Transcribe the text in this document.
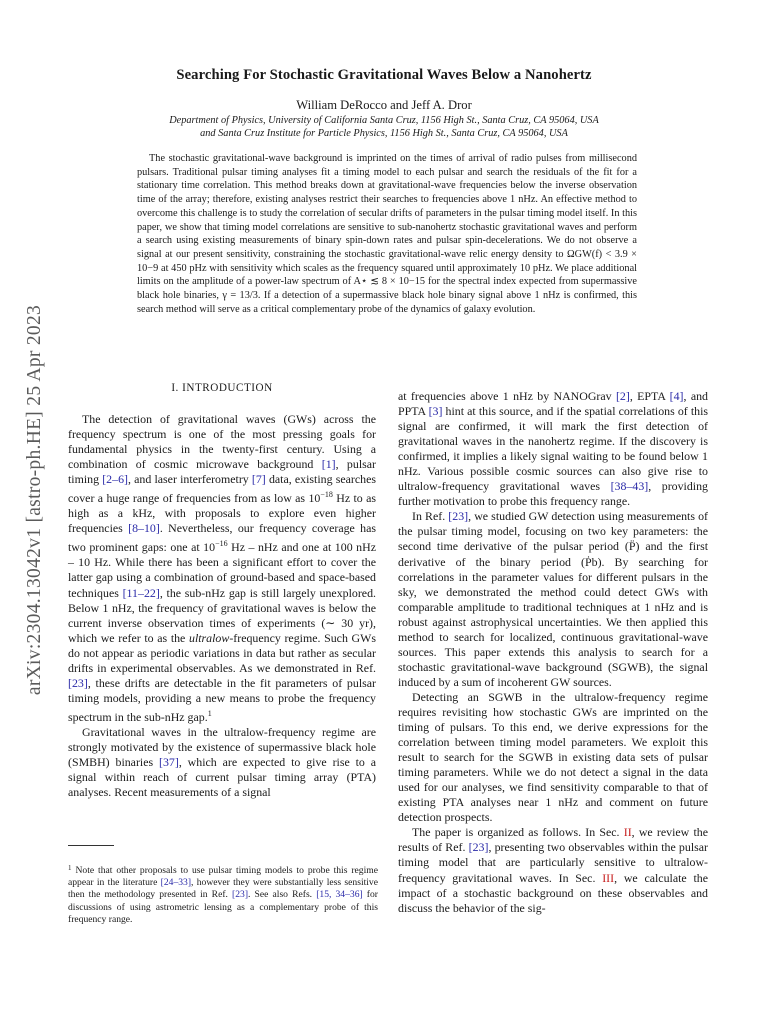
arXiv:2304.13042v1 [astro-ph.HE] 25 Apr 2023
Searching For Stochastic Gravitational Waves Below a Nanohertz
William DeRocco and Jeff A. Dror
Department of Physics, University of California Santa Cruz, 1156 High St., Santa Cruz, CA 95064, USA
and Santa Cruz Institute for Particle Physics, 1156 High St., Santa Cruz, CA 95064, USA

The stochastic gravitational-wave background is imprinted on the times of arrival of radio pulses from millisecond pulsars. Traditional pulsar timing analyses fit a timing model to each pulsar and search the residuals of the fit for a stationary time correlation. This method breaks down at gravitational-wave frequencies below the inverse observation time of the array; therefore, existing analyses restrict their searches to frequencies above 1 nHz. An effective method to overcome this challenge is to study the correlation of secular drifts of parameters in the pulsar timing model itself. In this paper, we show that timing model correlations are sensitive to sub-nanohertz stochastic gravitational waves and perform a search using existing measurements of binary spin-down rates and pulsar spin-decelerations. We do not observe a signal at our present sensitivity, constraining the stochastic gravitational-wave relic energy density to ΩGW(f) < 3.9 × 10−9 at 450 pHz with sensitivity which scales as the frequency squared until approximately 10 pHz. We place additional limits on the amplitude of a power-law spectrum of A⋆ ≲ 8 × 10−15 for the spectral index expected from supermassive black hole binaries, γ = 13/3. If a detection of a supermassive black hole binary signal above 1 nHz is confirmed, this search method will serve as a critical complementary probe of the dynamics of galaxy evolution.

I. INTRODUCTION

The detection of gravitational waves (GWs) across the frequency spectrum is one of the most pressing goals for fundamental physics in the twenty-first century. Using a combination of cosmic microwave background [1], pulsar timing [2–6], and laser interferometry [7] data, existing searches cover a huge range of frequencies from as low as $10^{-18}$ Hz to as high as a kHz, with proposals to explore even higher frequencies [8–10]. Nevertheless, our frequency coverage has two prominent gaps: one at $10^{-16}$ Hz – nHz and one at 100 nHz – 10 Hz. While there has been a significant effort to cover the latter gap using a combination of ground-based and space-based techniques [11–22], the sub-nHz gap is still largely unexplored. Below 1 nHz, the frequency of gravitational waves is below the current inverse observation times of experiments (∼ 30 yr), which we refer to as the ultralow-frequency regime. Such GWs do not appear as periodic variations in data but rather as secular drifts in experimental observables. As we demonstrated in Ref. [23], these drifts are detectable in the fit parameters of pulsar timing models, providing a new means to probe the frequency spectrum in the sub-nHz gap.$^1$

Gravitational waves in the ultralow-frequency regime are strongly motivated by the existence of supermassive black hole (SMBH) binaries [37], which are expected to give rise to a signal within reach of current pulsar timing array (PTA) analyses. Recent measurements of a signal

$^1$ Note that other proposals to use pulsar timing models to probe this regime appear in the literature [24–33], however they were substantially less sensitive then the methodology presented in Ref. [23]. See also Refs. [15, 34–36] for discussions of using astrometric lensing as a complementary probe of this frequency range.

at frequencies above 1 nHz by NANOGrav [2], EPTA [4], and PPTA [3] hint at this source, and if the spatial correlations of this signal are confirmed, it will mark the first detection of gravitational waves in the nanohertz regime. If the discovery is confirmed, it implies a likely signal waiting to be found below 1 nHz. Various possible cosmic sources can also give rise to ultralow-frequency gravitational waves [38–43], providing further motivation to probe this frequency range.

In Ref. [23], we studied GW detection using measurements of the pulsar timing model, focusing on two key parameters: the second time derivative of the pulsar period (P̈) and the first derivative of the binary period (Ṗb). By searching for correlations in the parameter values for different pulsars in the sky, we demonstrated the method could detect GWs with comparable amplitude to traditional techniques at 1 nHz and is robust against astrophysical uncertainties. We then applied this method to search for localized, continuous gravitational-wave sources. This paper extends this analysis to search for a stochastic gravitational-wave background (SGWB), the signal induced by a sum of incoherent GW sources.

Detecting an SGWB in the ultralow-frequency regime requires revisiting how stochastic GWs are imprinted on the timing of pulsars. To this end, we derive expressions for the correlation between timing model parameters. We exploit this result to search for the SGWB in existing data sets of pulsar timing parameters. While we do not detect a signal in the data used for our analyses, we find sensitivity comparable to that of existing PTA analyses near 1 nHz and comment on future detection prospects.

The paper is organized as follows. In Sec. II, we review the results of Ref. [23], presenting two observables within the pulsar timing model that are particularly sensitive to ultralow-frequency gravitational waves. In Sec. III, we calculate the impact of a stochastic background on these observables and discuss the behavior of the sig-
